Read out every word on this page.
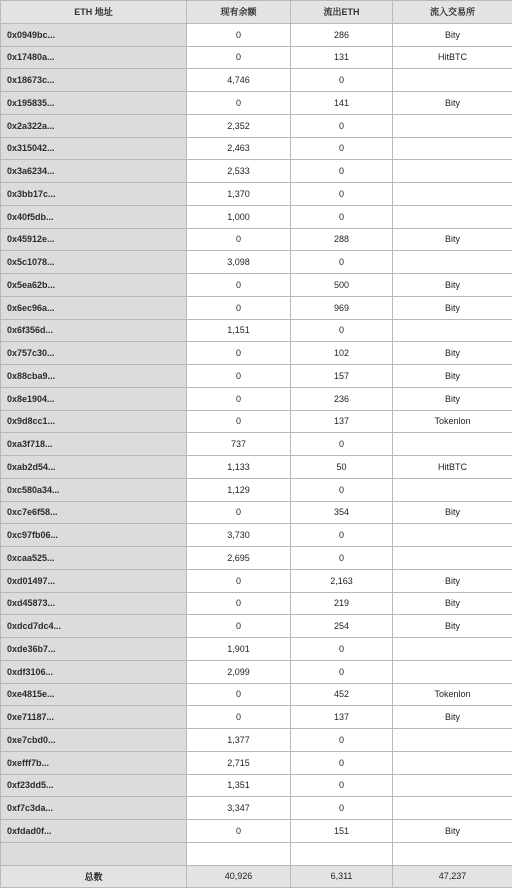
ETH 地址	现有余额	流出ETH	流入交易所
0x0949bc...	0	286	Bity
0x17480a...	0	131	HitBTC
0x18673c...	4,746	0	
0x195835...	0	141	Bity
0x2a322a...	2,352	0	
0x315042...	2,463	0	
0x3a6234...	2,533	0	
0x3bb17c...	1,370	0	
0x40f5db...	1,000	0	
0x45912e...	0	288	Bity
0x5c1078...	3,098	0	
0x5ea62b...	0	500	Bity
0x6ec96a...	0	969	Bity
0x6f356d...	1,151	0	
0x757c30...	0	102	Bity
0x88cba9...	0	157	Bity
0x8e1904...	0	236	Bity
0x9d8cc1...	0	137	Tokenlon
0xa3f718...	737	0	
0xab2d54...	1,133	50	HitBTC
0xc580a34...	1,129	0	
0xc7e6f58...	0	354	Bity
0xc97fb06...	3,730	0	
0xcaa525...	2,695	0	
0xd01497...	0	2,163	Bity
0xd45873...	0	219	Bity
0xdcd7dc4...	0	254	Bity
0xde36b7...	1,901	0	
0xdf3106...	2,099	0	
0xe4815e...	0	452	Tokenlon
0xe71187...	0	137	Bity
0xe7cbd0...	1,377	0	
0xefff7b...	2,715	0	
0xf23dd5...	1,351	0	
0xf7c3da...	3,347	0	
0xfdad0f...	0	151	Bity

总数	40,926	6,311	47,237
